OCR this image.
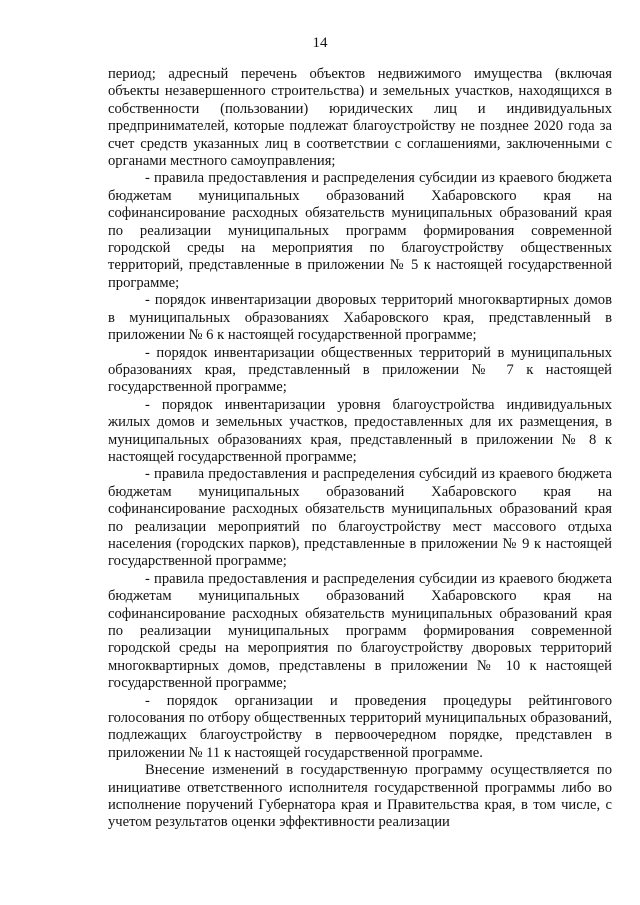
14

период; адресный перечень объектов недвижимого имущества (включая объекты незавершенного строительства) и земельных участков, находящихся в собственности (пользовании) юридических лиц и индивидуальных предпринимателей, которые подлежат благоустройству не позднее 2020 года за счет средств указанных лиц в соответствии с соглашениями, заключенными с органами местного самоуправления;

- правила предоставления и распределения субсидии из краевого бюджета бюджетам муниципальных образований Хабаровского края на софинансирование расходных обязательств муниципальных образований края по реализации муниципальных программ формирования современной городской среды на мероприятия по благоустройству общественных территорий, представленные в приложении № 5 к настоящей государственной программе;

- порядок инвентаризации дворовых территорий многоквартирных домов в муниципальных образованиях Хабаровского края, представленный в приложении № 6 к настоящей государственной программе;

- порядок инвентаризации общественных территорий в муниципальных образованиях края, представленный в приложении № 7 к настоящей государственной программе;

- порядок инвентаризации уровня благоустройства индивидуальных жилых домов и земельных участков, предоставленных для их размещения, в муниципальных образованиях края, представленный в приложении № 8 к настоящей государственной программе;

- правила предоставления и распределения субсидий из краевого бюджета бюджетам муниципальных образований Хабаровского края на софинансирование расходных обязательств муниципальных образований края по реализации мероприятий по благоустройству мест массового отдыха населения (городских парков), представленные в приложении № 9 к настоящей государственной программе;

- правила предоставления и распределения субсидии из краевого бюджета бюджетам муниципальных образований Хабаровского края на софинансирование расходных обязательств муниципальных образований края по реализации муниципальных программ формирования современной городской среды на мероприятия по благоустройству дворовых территорий многоквартирных домов, представлены в приложении № 10 к настоящей государственной программе;

- порядок организации и проведения процедуры рейтингового голосования по отбору общественных территорий муниципальных образований, подлежащих благоустройству в первоочередном порядке, представлен в приложении № 11 к настоящей государственной программе.

Внесение изменений в государственную программу осуществляется по инициативе ответственного исполнителя государственной программы либо во исполнение поручений Губернатора края и Правительства края, в том числе, с учетом результатов оценки эффективности реализации
